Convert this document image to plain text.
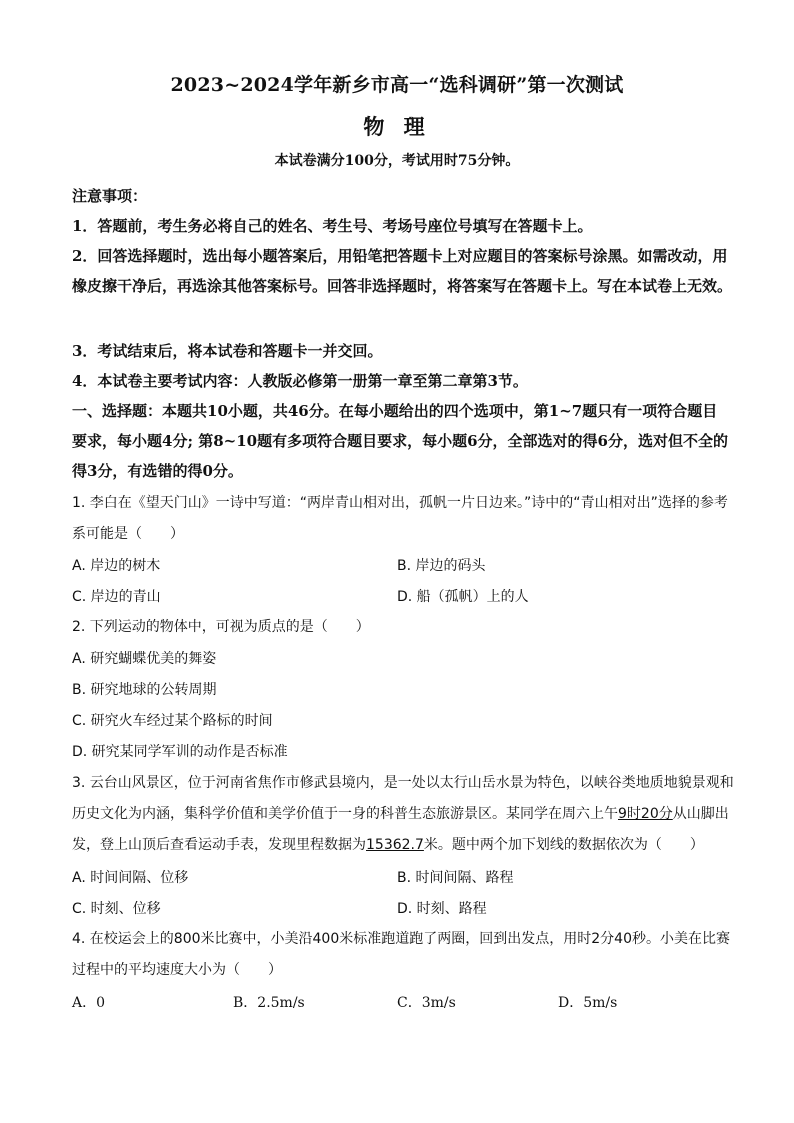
2023~2024学年新乡市高一“选科调研”第一次测试
物 理
本试卷满分100分，考试用时75分钟。
注意事项：
1．答题前，考生务必将自己的姓名、考生号、考场号座位号填写在答题卡上。
2．回答选择题时，选出每小题答案后，用铅笔把答题卡上对应题目的答案标号涂黑。如需改动，用橡皮擦干净后，再选涂其他答案标号。回答非选择题时，将答案写在答题卡上。写在本试卷上无效。
3．考试结束后，将本试卷和答题卡一并交回。
4．本试卷主要考试内容：人教版必修第一册第一章至第二章第3节。
一、选择题：本题共10小题，共46分。在每小题给出的四个选项中，第1~7题只有一项符合题目要求，每小题4分; 第8~10题有多项符合题目要求，每小题6分，全部选对的得6分，选对但不全的得3分，有选错的得0分。
1. 李白在《望天门山》一诗中写道：“两岸青山相对出，孤帆一片日边来。”诗中的“青山相对出”选择的参考系可能是（　　）
A. 岸边的树木	B. 岸边的码头
C. 岸边的青山	D. 船（孤帆）上的人
2. 下列运动的物体中，可视为质点的是（　　）
A. 研究蝴蝶优美的舞姿
B. 研究地球的公转周期
C. 研究火车经过某个路标的时间
D. 研究某同学军训的动作是否标准
3. 云台山风景区，位于河南省焦作市修武县境内，是一处以太行山岳水景为特色，以峡谷类地质地貌景观和历史文化为内涵，集科学价值和美学价值于一身的科普生态旅游景区。某同学在周六上午9时20分从山脚出发，登上山顶后查看运动手表，发现里程数据为15362.7米。题中两个加下划线的数据依次为（　　）
A. 时间间隔、位移	B. 时间间隔、路程
C. 时刻、位移	D. 时刻、路程
4. 在校运会上的800米比赛中，小美沿400米标准跑道跑了两圈，回到出发点，用时2分40秒。小美在比赛过程中的平均速度大小为（　　）
A．0	B．2.5m/s	C．3m/s	D．5m/s
